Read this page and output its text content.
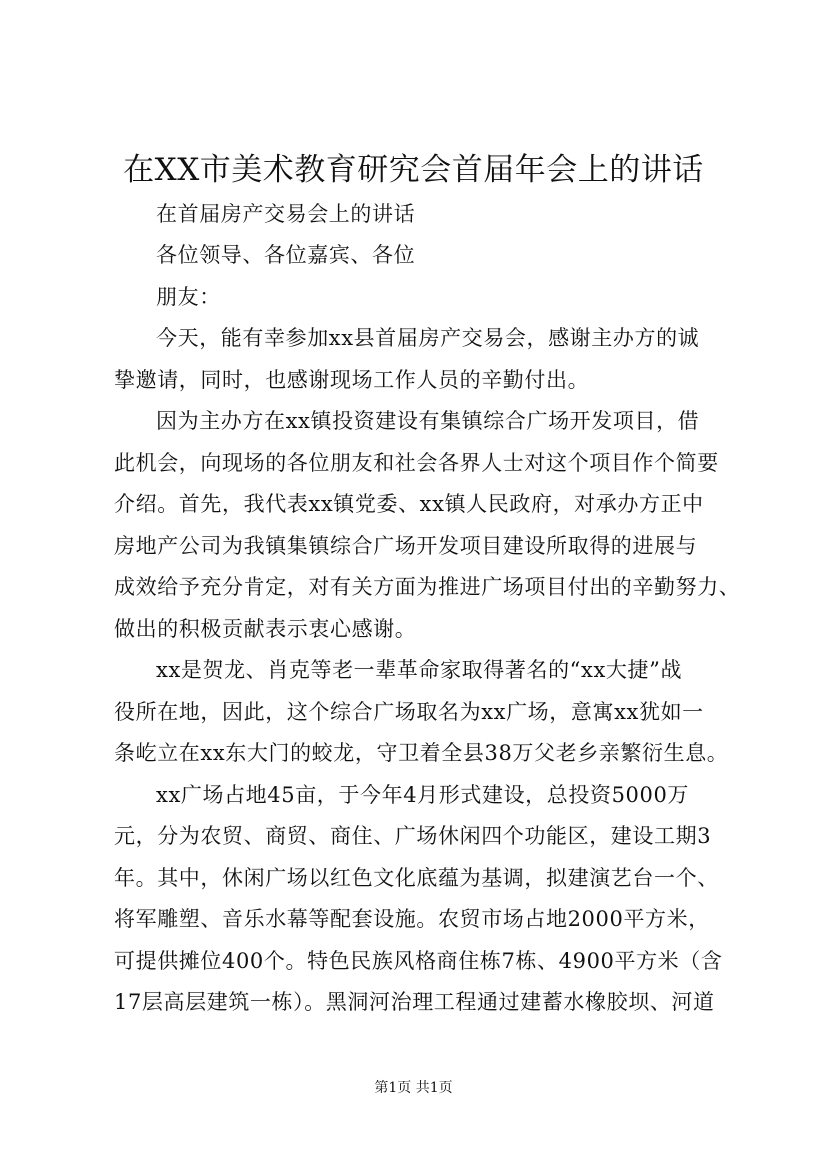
在XX市美术教育研究会首届年会上的讲话
在首届房产交易会上的讲话
各位领导、各位嘉宾、各位
朋友：
今天，能有幸参加xx县首届房产交易会，感谢主办方的诚
挚邀请，同时，也感谢现场工作人员的辛勤付出。
因为主办方在xx镇投资建设有集镇综合广场开发项目，借
此机会，向现场的各位朋友和社会各界人士对这个项目作个简要
介绍。首先，我代表xx镇党委、xx镇人民政府，对承办方正中
房地产公司为我镇集镇综合广场开发项目建设所取得的进展与
成效给予充分肯定，对有关方面为推进广场项目付出的辛勤努力、
做出的积极贡献表示衷心感谢。
xx是贺龙、肖克等老一辈革命家取得著名的“xx大捷”战
役所在地，因此，这个综合广场取名为xx广场，意寓xx犹如一
条屹立在xx东大门的蛟龙，守卫着全县38万父老乡亲繁衍生息。
xx广场占地45亩，于今年4月形式建设，总投资5000万
元，分为农贸、商贸、商住、广场休闲四个功能区，建设工期3
年。其中，休闲广场以红色文化底蕴为基调，拟建演艺台一个、
将军雕塑、音乐水幕等配套设施。农贸市场占地2000平方米，
可提供摊位400个。特色民族风格商住栋7栋、4900平方米（含
17层高层建筑一栋）。黑洞河治理工程通过建蓄水橡胶坝、河道
第1页 共1页
